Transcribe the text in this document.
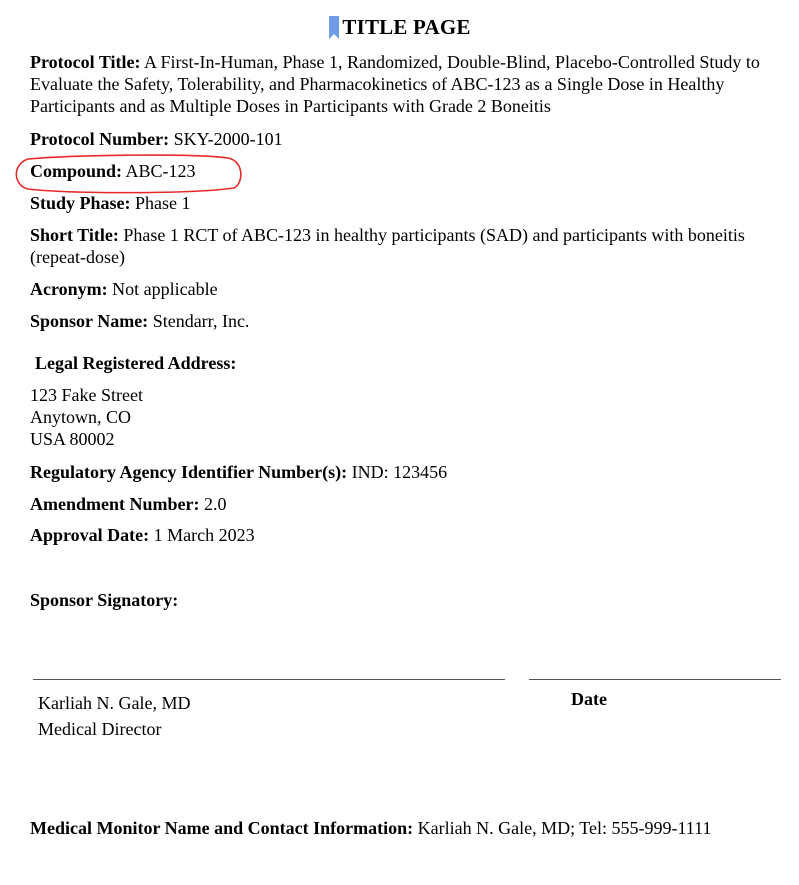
TITLE PAGE

Protocol Title: A First-In-Human, Phase 1, Randomized, Double-Blind, Placebo-Controlled Study to Evaluate the Safety, Tolerability, and Pharmacokinetics of ABC-123 as a Single Dose in Healthy Participants and as Multiple Doses in Participants with Grade 2 Boneitis

Protocol Number: SKY-2000-101

Compound: ABC-123

Study Phase: Phase 1

Short Title: Phase 1 RCT of ABC-123 in healthy participants (SAD) and participants with boneitis (repeat-dose)

Acronym: Not applicable

Sponsor Name: Stendarr, Inc.

Legal Registered Address:

123 Fake Street
Anytown, CO
USA 80002

Regulatory Agency Identifier Number(s): IND: 123456

Amendment Number: 2.0

Approval Date: 1 March 2023

Sponsor Signatory:

Karliah N. Gale, MD
Medical Director
Date

Medical Monitor Name and Contact Information: Karliah N. Gale, MD; Tel: 555-999-1111
